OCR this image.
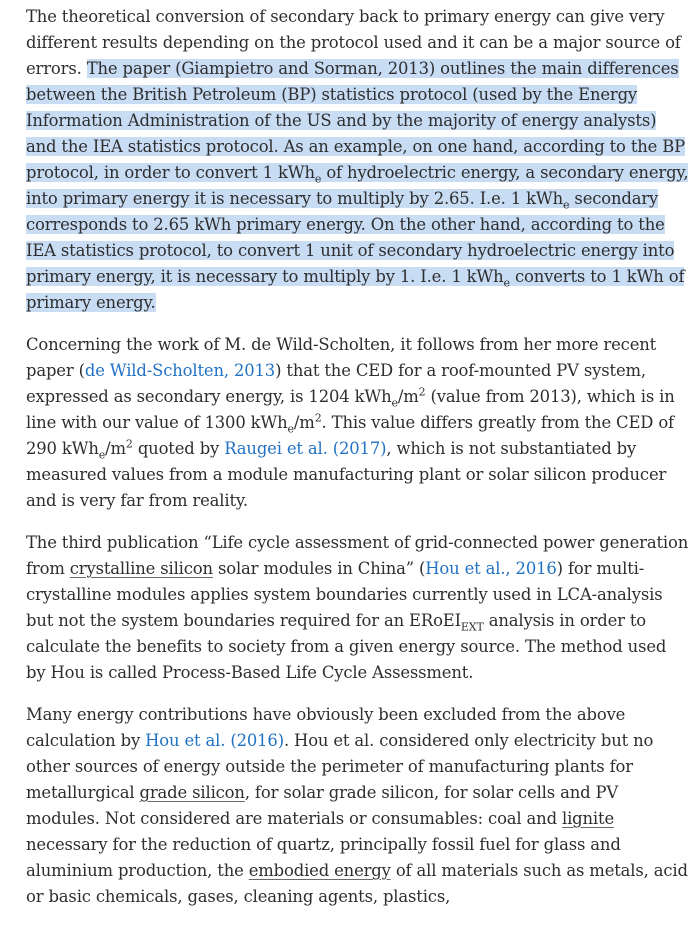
The theoretical conversion of secondary back to primary energy can give very different results depending on the protocol used and it can be a major source of errors. The paper (Giampietro and Sorman, 2013) outlines the main differences between the British Petroleum (BP) statistics protocol (used by the Energy Information Administration of the US and by the majority of energy analysts) and the IEA statistics protocol. As an example, on one hand, according to the BP protocol, in order to convert 1 kWh$_e$ of hydroelectric energy, a secondary energy, into primary energy it is necessary to multiply by 2.65. I.e. 1 kWh$_e$ secondary corresponds to 2.65 kWh primary energy. On the other hand, according to the IEA statistics protocol, to convert 1 unit of secondary hydroelectric energy into primary energy, it is necessary to multiply by 1. I.e. 1 kWh$_e$ converts to 1 kWh of primary energy.

Concerning the work of M. de Wild-Scholten, it follows from her more recent paper (de Wild-Scholten, 2013) that the CED for a roof-mounted PV system, expressed as secondary energy, is 1204 $kWh_e/m^2$ (value from 2013), which is in line with our value of 1300 $kWh_e/m^2$. This value differs greatly from the CED of 290 $kWh_e/m^2$ quoted by Raugei et al. (2017), which is not substantiated by measured values from a module manufacturing plant or solar silicon producer and is very far from reality.

The third publication “Life cycle assessment of grid-connected power generation from crystalline silicon solar modules in China” (Hou et al., 2016) for multi-crystalline modules applies system boundaries currently used in LCA-analysis but not the system boundaries required for an ERoEI$_{EXT}$ analysis in order to calculate the benefits to society from a given energy source. The method used by Hou is called Process-Based Life Cycle Assessment.

Many energy contributions have obviously been excluded from the above calculation by Hou et al. (2016). Hou et al. considered only electricity but no other sources of energy outside the perimeter of manufacturing plants for metallurgical grade silicon, for solar grade silicon, for solar cells and PV modules. Not considered are materials or consumables: coal and lignite necessary for the reduction of quartz, principally fossil fuel for glass and aluminium production, the embodied energy of all materials such as metals, acid or basic chemicals, gases, cleaning agents, plastics,
